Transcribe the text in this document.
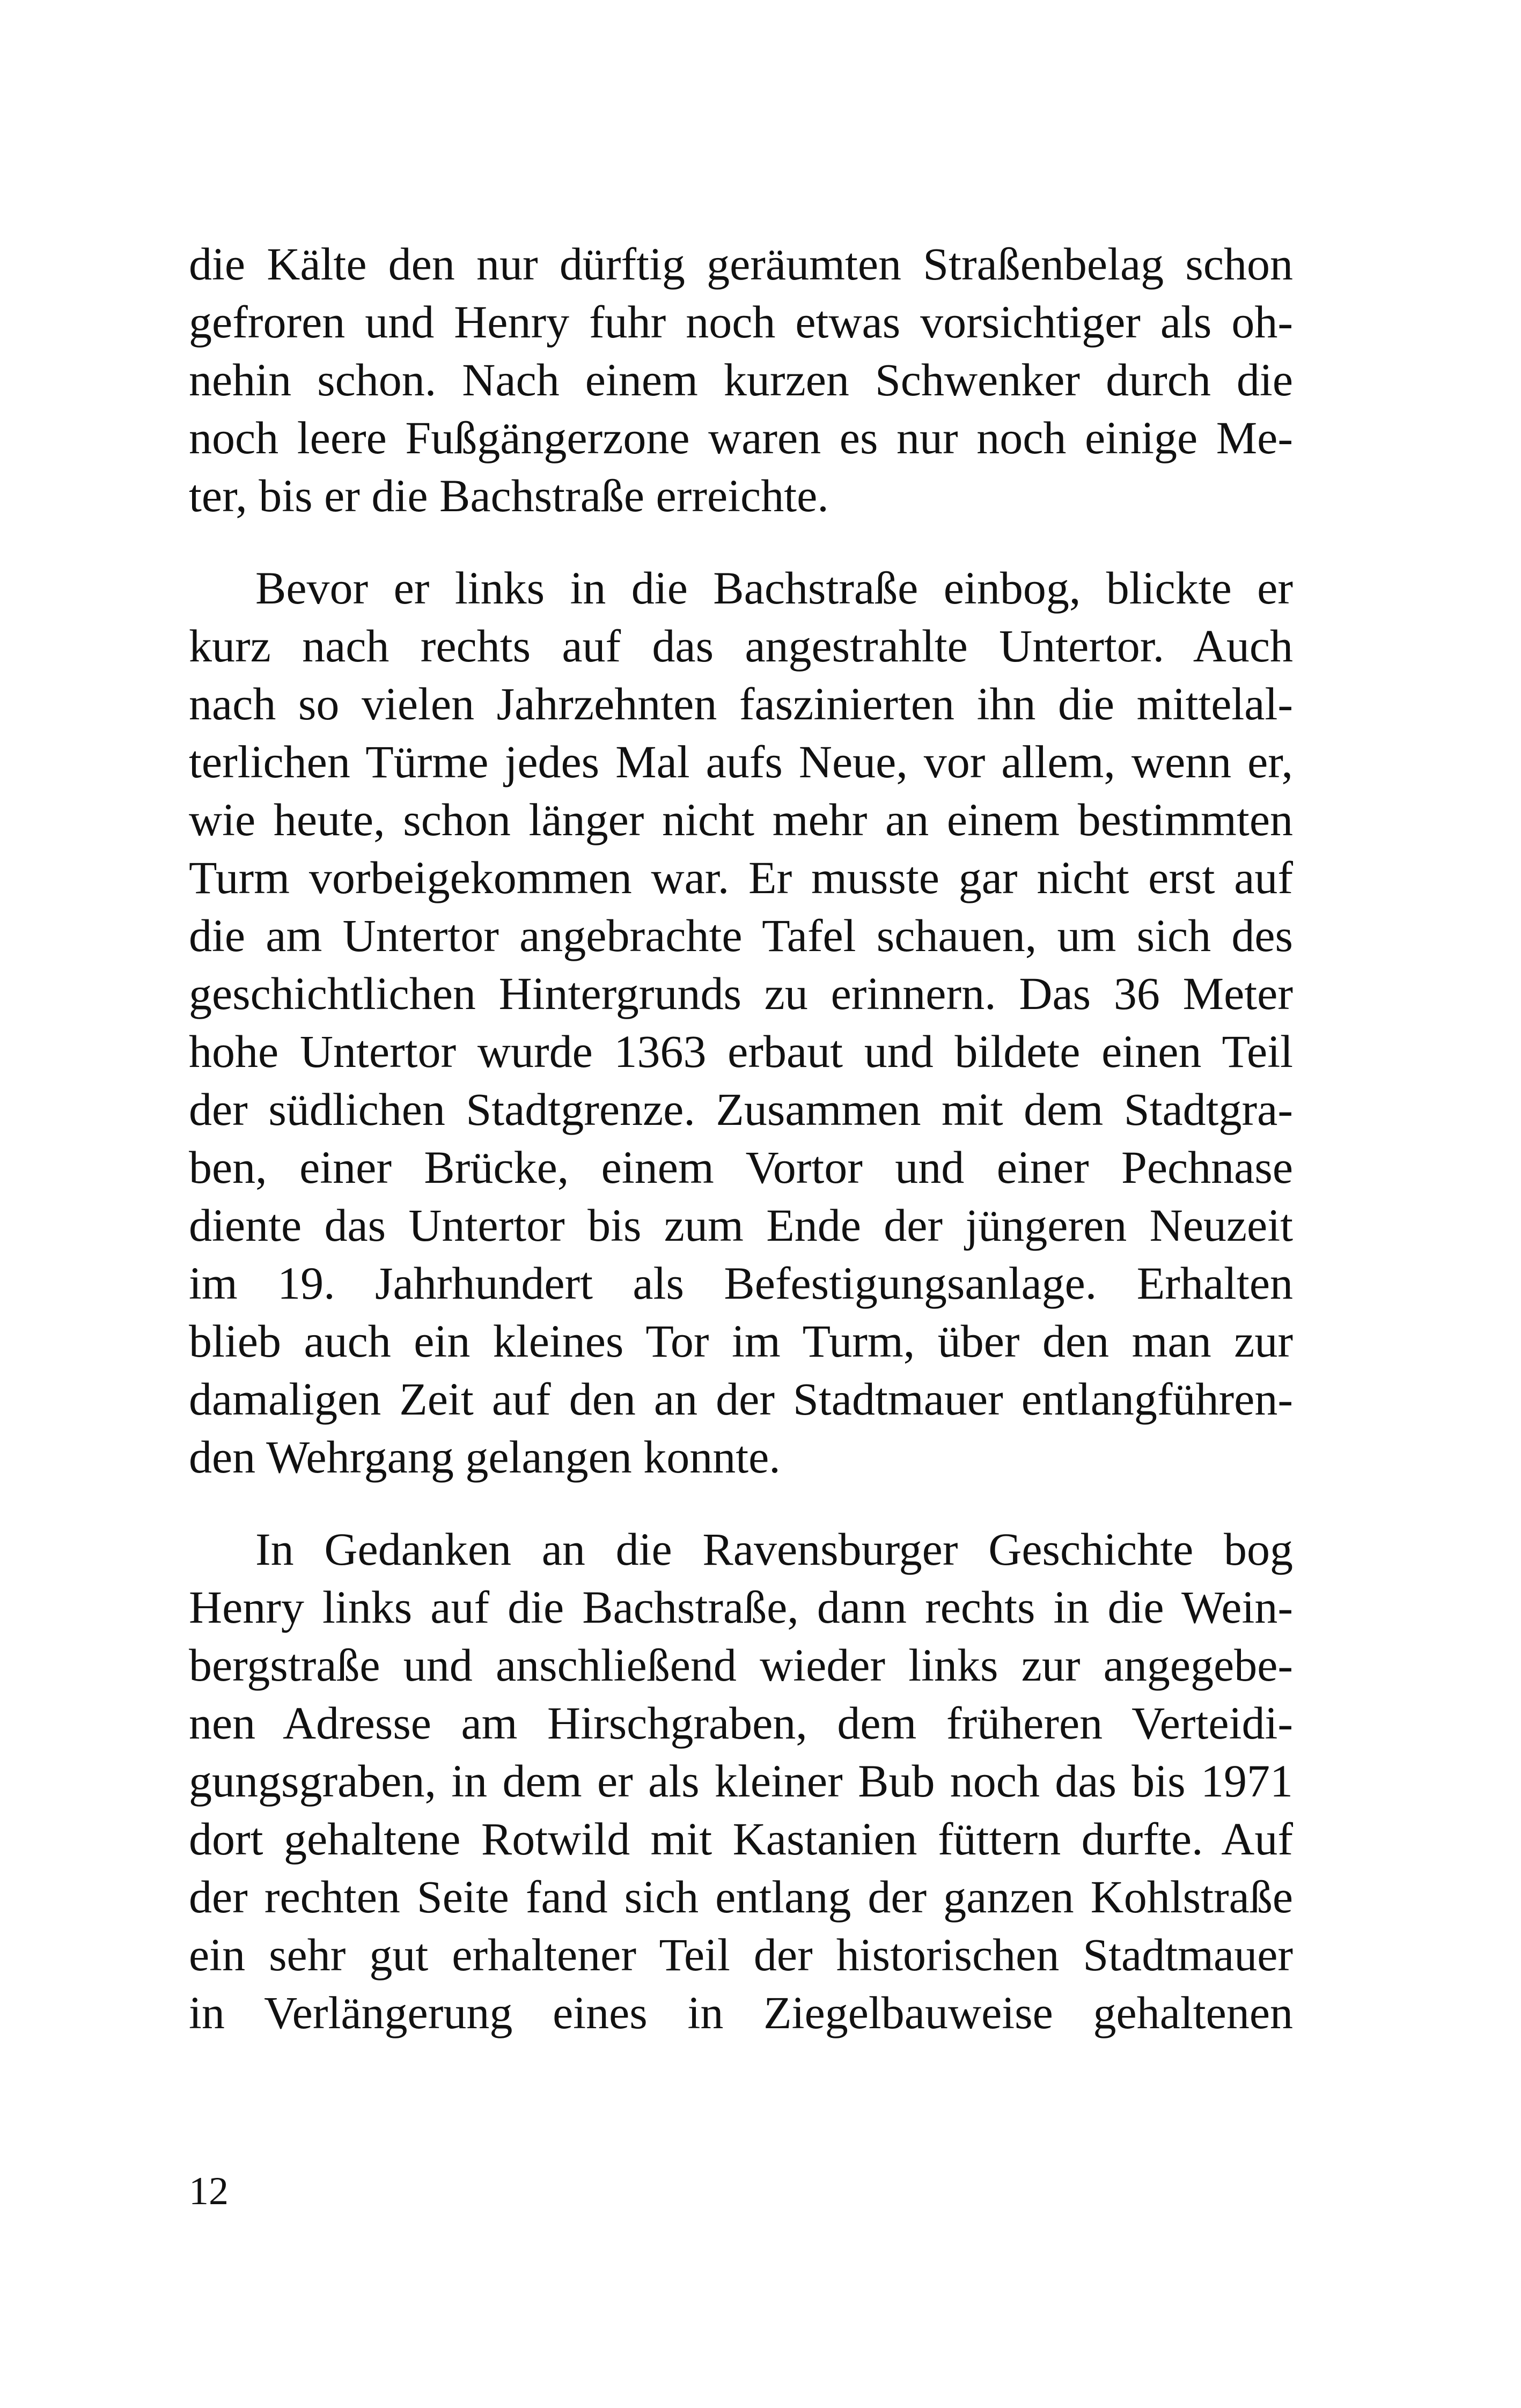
die Kälte den nur dürftig geräumten Straßenbelag schon
gefroren und Henry fuhr noch etwas vorsichtiger als oh-
nehin schon. Nach einem kurzen Schwenker durch die
noch leere Fußgängerzone waren es nur noch einige Me-
ter, bis er die Bachstraße erreichte.
Bevor er links in die Bachstraße einbog, blickte er
kurz nach rechts auf das angestrahlte Untertor. Auch
nach so vielen Jahrzehnten faszinierten ihn die mittelal-
terlichen Türme jedes Mal aufs Neue, vor allem, wenn er,
wie heute, schon länger nicht mehr an einem bestimmten
Turm vorbeigekommen war. Er musste gar nicht erst auf
die am Untertor angebrachte Tafel schauen, um sich des
geschichtlichen Hintergrunds zu erinnern. Das 36 Meter
hohe Untertor wurde 1363 erbaut und bildete einen Teil
der südlichen Stadtgrenze. Zusammen mit dem Stadtgra-
ben, einer Brücke, einem Vortor und einer Pechnase
diente das Untertor bis zum Ende der jüngeren Neuzeit
im 19. Jahrhundert als Befestigungsanlage. Erhalten
blieb auch ein kleines Tor im Turm, über den man zur
damaligen Zeit auf den an der Stadtmauer entlangführen-
den Wehrgang gelangen konnte.
In Gedanken an die Ravensburger Geschichte bog
Henry links auf die Bachstraße, dann rechts in die Wein-
bergstraße und anschließend wieder links zur angegebe-
nen Adresse am Hirschgraben, dem früheren Verteidi-
gungsgraben, in dem er als kleiner Bub noch das bis 1971
dort gehaltene Rotwild mit Kastanien füttern durfte. Auf
der rechten Seite fand sich entlang der ganzen Kohlstraße
ein sehr gut erhaltener Teil der historischen Stadtmauer
in Verlängerung eines in Ziegelbauweise gehaltenen
12
